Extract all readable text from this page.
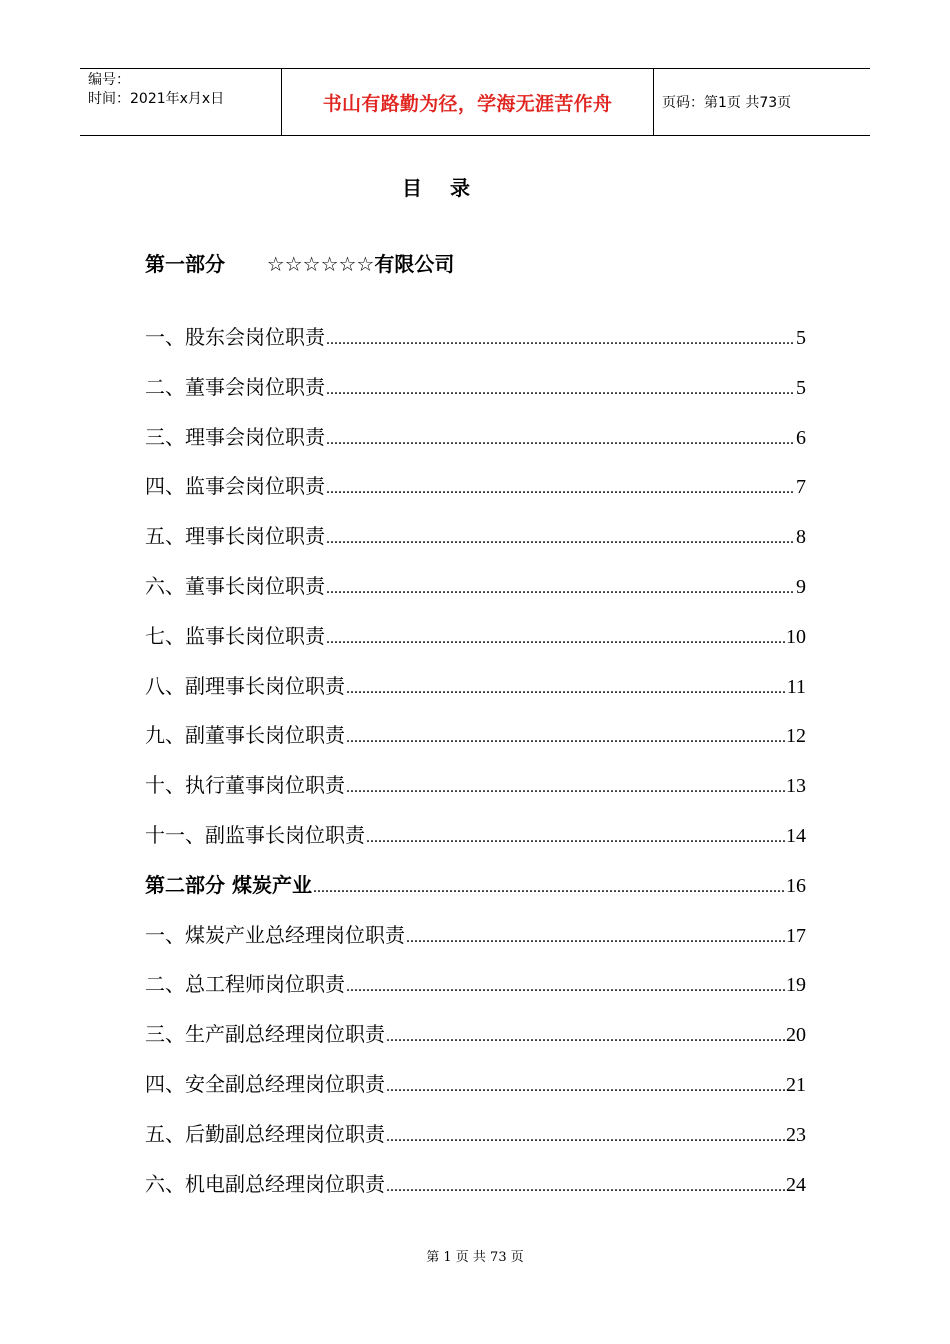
编号：
时间：2021年x月x日	书山有路勤为径，学海无涯苦作舟	页码：第1页 共73页
目录
第一部分      ☆☆☆☆☆☆有限公司
一、股东会岗位职责 .....	5
二、董事会岗位职责 .....	5
三、理事会岗位职责 .....	6
四、监事会岗位职责 .....	7
五、理事长岗位职责 .....	8
六、董事长岗位职责 .....	9
七、监事长岗位职责 .....	10
八、副理事长岗位职责 .....	11
九、副董事长岗位职责 .....	12
十、执行董事岗位职责 .....	13
十一、副监事长岗位职责 .....	14
第二部分 煤炭产业 .....	16
一、煤炭产业总经理岗位职责 .....	17
二、总工程师岗位职责 .....	19
三、生产副总经理岗位职责 .....	20
四、安全副总经理岗位职责 .....	21
五、后勤副总经理岗位职责 .....	23
六、机电副总经理岗位职责 .....	24
第 1 页 共 73 页
